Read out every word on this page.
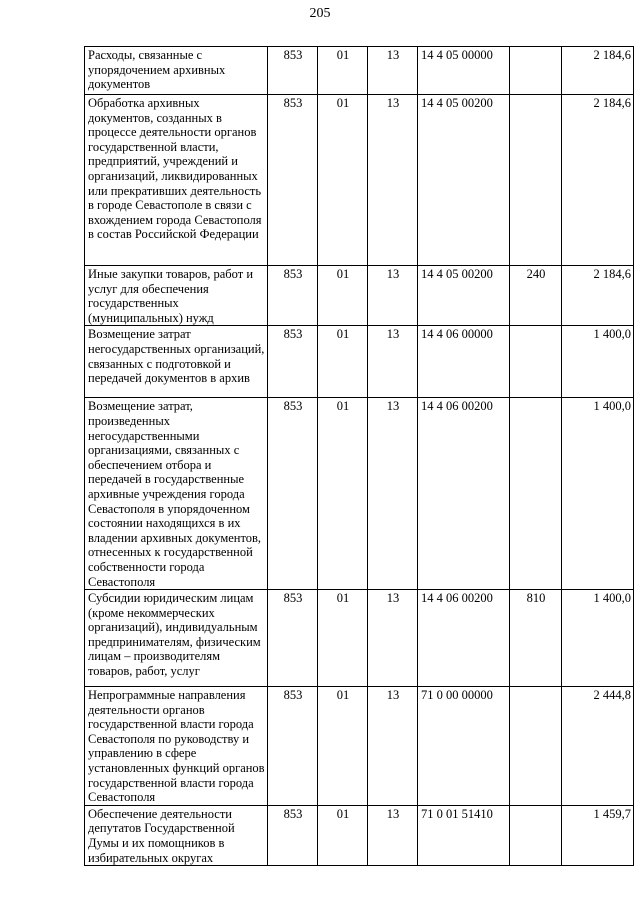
205
Расходы, связанные с упорядочением архивных документов	853	01	13	14 4 05 00000		2 184,6
Обработка архивных документов, созданных в процессе деятельности органов государственной власти, предприятий, учреждений и организаций, ликвидированных или прекративших деятельность в городе Севастополе в связи с вхождением города Севастополя в состав Российской Федерации	853	01	13	14 4 05 00200		2 184,6
Иные закупки товаров, работ и услуг для обеспечения государственных (муниципальных) нужд	853	01	13	14 4 05 00200	240	2 184,6
Возмещение затрат негосударственных организаций, связанных с подготовкой и передачей документов в архив	853	01	13	14 4 06 00000		1 400,0
Возмещение затрат, произведенных негосударственными организациями, связанных с обеспечением отбора и передачей в государственные архивные учреждения города Севастополя в упорядоченном состоянии находящихся в их владении архивных документов, отнесенных к государственной собственности города Севастополя	853	01	13	14 4 06 00200		1 400,0
Субсидии юридическим лицам (кроме некоммерческих организаций), индивидуальным предпринимателям, физическим лицам – производителям товаров, работ, услуг	853	01	13	14 4 06 00200	810	1 400,0
Непрограммные направления деятельности органов государственной власти города Севастополя по руководству и управлению в сфере установленных функций органов государственной власти города Севастополя	853	01	13	71 0 00 00000		2 444,8
Обеспечение деятельности депутатов Государственной Думы и их помощников в избирательных округах	853	01	13	71 0 01 51410		1 459,7
